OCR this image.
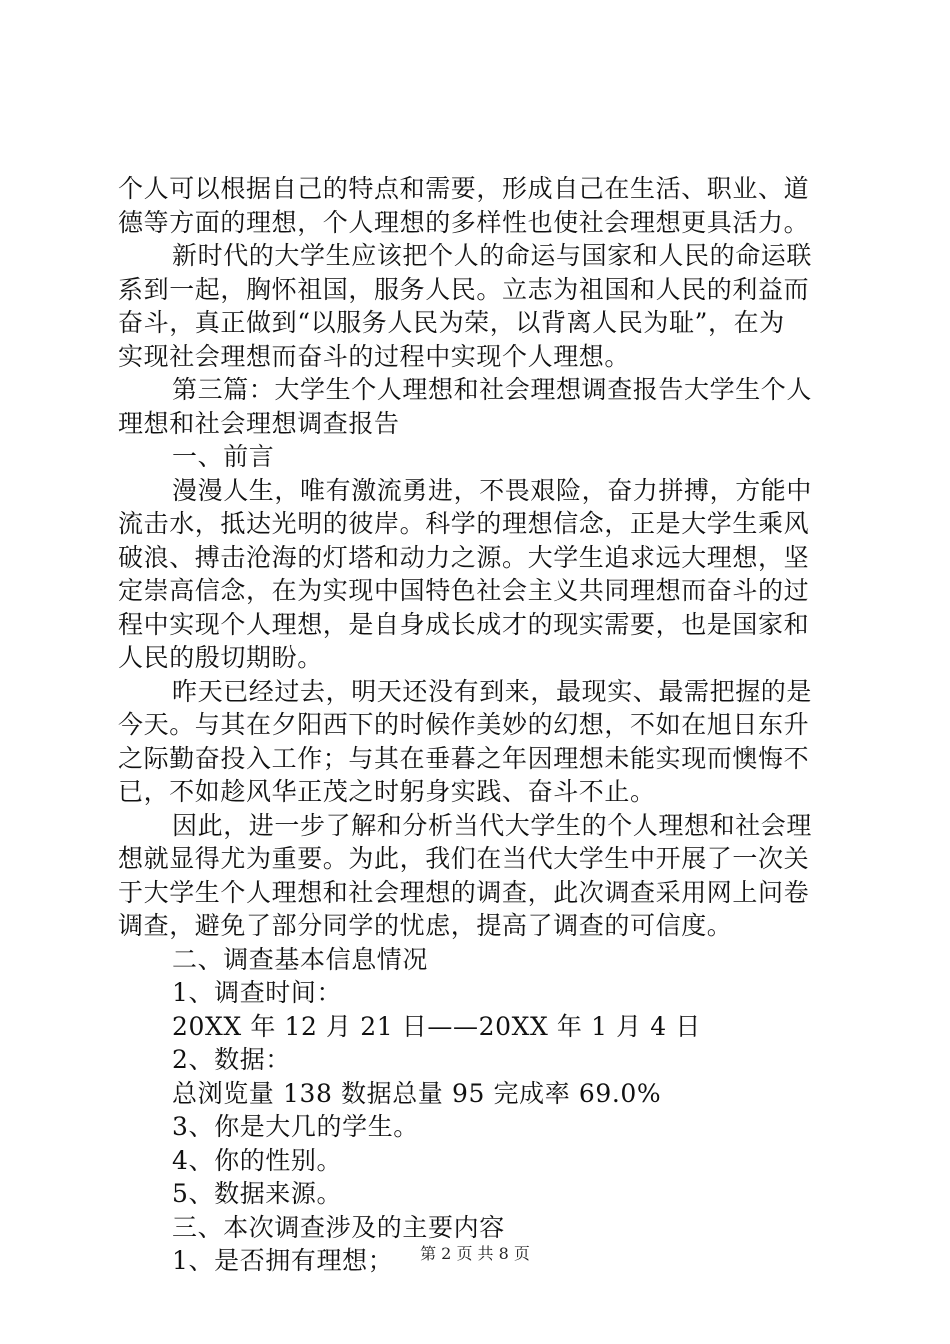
个人可以根据自己的特点和需要，形成自己在生活、职业、道
德等方面的理想，个人理想的多样性也使社会理想更具活力。
新时代的大学生应该把个人的命运与国家和人民的命运联
系到一起，胸怀祖国，服务人民。立志为祖国和人民的利益而
奋斗，真正做到“以服务人民为荣，以背离人民为耻”，在为
实现社会理想而奋斗的过程中实现个人理想。
第三篇：大学生个人理想和社会理想调查报告大学生个人
理想和社会理想调查报告
一、前言
漫漫人生，唯有激流勇进，不畏艰险，奋力拼搏，方能中
流击水，抵达光明的彼岸。科学的理想信念，正是大学生乘风
破浪、搏击沧海的灯塔和动力之源。大学生追求远大理想，坚
定崇高信念，在为实现中国特色社会主义共同理想而奋斗的过
程中实现个人理想，是自身成长成才的现实需要，也是国家和
人民的殷切期盼。
昨天已经过去，明天还没有到来，最现实、最需把握的是
今天。与其在夕阳西下的时候作美妙的幻想，不如在旭日东升
之际勤奋投入工作；与其在垂暮之年因理想未能实现而懊悔不
已，不如趁风华正茂之时躬身实践、奋斗不止。
因此，进一步了解和分析当代大学生的个人理想和社会理
想就显得尤为重要。为此，我们在当代大学生中开展了一次关
于大学生个人理想和社会理想的调查，此次调查采用网上问卷
调查，避免了部分同学的忧虑，提高了调查的可信度。
二、调查基本信息情况
1、调查时间：
20XX 年 12 月 21 日——20XX 年 1 月 4 日
2、数据：
总浏览量 138 数据总量 95 完成率 69.0%
3、你是大几的学生。
4、你的性别。
5、数据来源。
三、本次调查涉及的主要内容
1、是否拥有理想；	第 2 页 共 8 页
